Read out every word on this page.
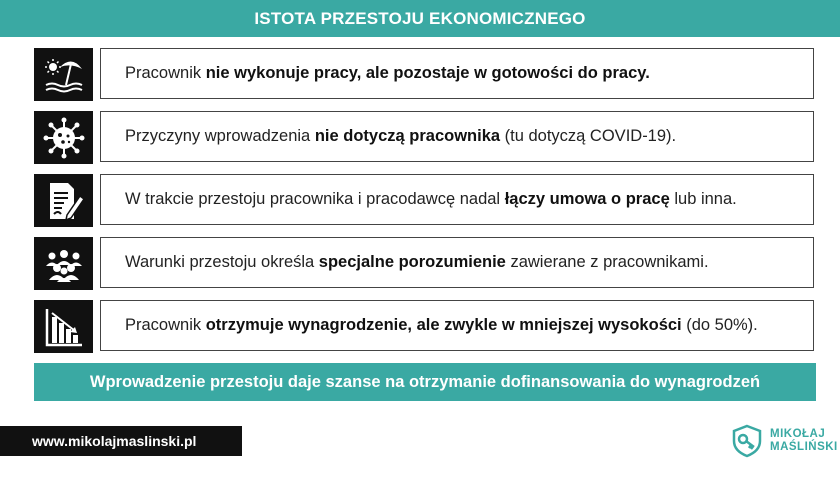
ISTOTA PRZESTOJU EKONOMICZNEGO
Pracownik nie wykonuje pracy, ale pozostaje w gotowości do pracy.
Przyczyny wprowadzenia nie dotyczą pracownika (tu dotyczą COVID-19).
W trakcie przestoju pracownika i pracodawcę nadal łączy umowa o pracę lub inna.
Warunki przestoju określa specjalne porozumienie zawierane z pracownikami.
Pracownik otrzymuje wynagrodzenie, ale zwykle w mniejszej wysokości (do 50%).
Wprowadzenie przestoju daje szanse na otrzymanie dofinansowania do wynagrodzeń
www.mikolajmaslinski.pl	MIKOŁAJ
MAŚLIŃSKI
